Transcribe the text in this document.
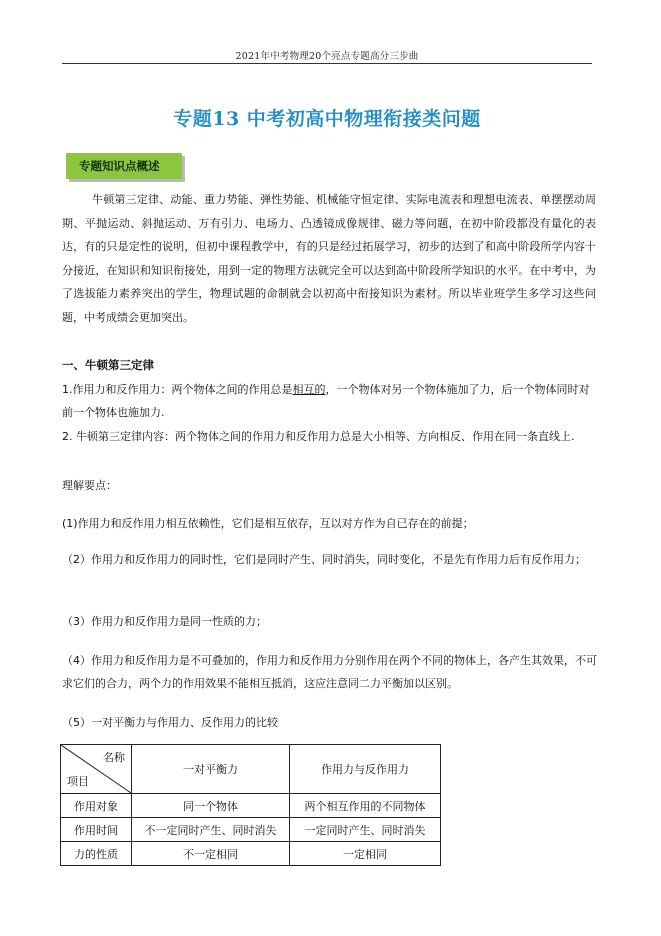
2021年中考物理20个亮点专题高分三步曲
专题13 中考初高中物理衔接类问题
专题知识点概述
牛顿第三定律、动能、重力势能、弹性势能、机械能守恒定律、实际电流表和理想电流表、单摆摆动周期、平抛运动、斜抛运动、万有引力、电场力、凸透镜成像规律、磁力等问题，在初中阶段都没有量化的表达，有的只是定性的说明，但初中课程教学中，有的只是经过拓展学习，初步的达到了和高中阶段所学内容十分接近，在知识和知识衔接处，用到一定的物理方法就完全可以达到高中阶段所学知识的水平。在中考中，为了选拔能力素养突出的学生，物理试题的命制就会以初高中衔接知识为素材。所以毕业班学生多学习这些问题，中考成绩会更加突出。
一、牛顿第三定律
1.作用力和反作用力：两个物体之间的作用总是相互的，一个物体对另一个物体施加了力，后一个物体同时对前一个物体也施加力.
2. 牛顿第三定律内容：两个物体之间的作用力和反作用力总是大小相等、方向相反、作用在同一条直线上.
理解要点：
(1)作用力和反作用力相互依赖性，它们是相互依存，互以对方作为自已存在的前提；
（2）作用力和反作用力的同时性，它们是同时产生、同时消失，同时变化，不是先有作用力后有反作用力；
（3）作用力和反作用力是同一性质的力；
（4）作用力和反作用力是不可叠加的，作用力和反作用力分别作用在两个不同的物体上，各产生其效果，不可求它们的合力，两个力的作用效果不能相互抵消，这应注意同二力平衡加以区别。
（5）一对平衡力与作用力、反作用力的比较
名称
项目	一对平衡力	作用力与反作用力
作用对象	同一个物体	两个相互作用的不同物体
作用时间	不一定同时产生、同时消失	一定同时产生、同时消失
力的性质	不一定相同	一定相同
